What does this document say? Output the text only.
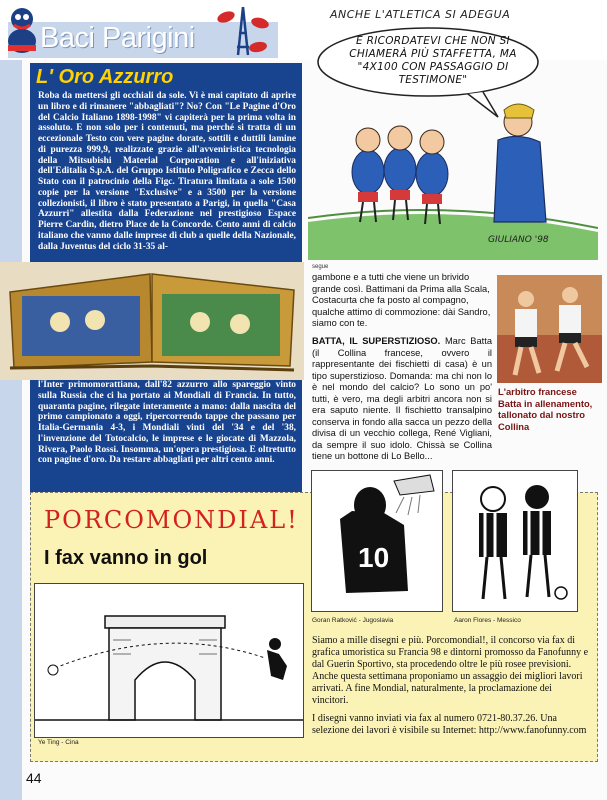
Baci Parigini
ANCHE L'ATLETICA SI ADEGUA
E RICORDATEVI CHE NON SI CHIAMERÀ PIÙ STAFFETTA, MA "4X100 CON PASSAGGIO DI TESTIMONE"
GIULIANO '98
L' Oro Azzurro

Roba da mettersi gli occhiali da sole. Vi è mai capitato di aprire un libro e di rimanere "abbagliati"? No? Con "Le Pagine d'Oro del Calcio Italiano 1898-1998" vi capiterà per la prima volta in assoluto. E non solo per i contenuti, ma perché si tratta di un eccezionale Testo con vere pagine dorate, sottili e duttili lamine di purezza 999,9, realizzate grazie all'avveniristica tecnologia della Mitsubishi Material Corporation e all'iniziativa dell'Editalia S.p.A. del Gruppo Istituto Poligrafico e Zecca dello Stato con il patrocinio della Figc. Tiratura limitata a sole 1500 copie per la versione "Exclusive" e a 3500 per la versione collezionisti, il libro è stato presentato a Parigi, in quella "Casa Azzurri" allestita dalla Federazione nel prestigioso Espace Pierre Cardin, dietro Place de la Concorde. Cento anni di calcio italiano che vanno dalle imprese di club a quelle della Nazionale, dalla Juventus del ciclo 31-35 al-

l'Inter primomorattiana, dall'82 azzurro allo spareggio vinto sulla Russia che ci ha portato ai Mondiali di Francia. In tutto, quaranta pagine, rilegate interamente a mano: dalla nascita del primo campionato a oggi, ripercorrendo tappe che passano per Italia-Germania 4-3, i Mondiali vinti del '34 e del '38, l'invenzione del Totocalcio, le imprese e le giocate di Mazzola, Rivera, Paolo Rossi. Insomma, un'opera prestigiosa. E oltretutto con pagine d'oro. Da restare abbagliati per altri cento anni.

segue

gambone e a tutti che viene un brivido grande così. Battimani da Prima alla Scala, Costacurta che fa posto al compagno, qualche attimo di commozione: dài Sandro, siamo con te.

BATTA, IL SUPERSTIZIOSO. Marc Batta (il Collina francese, ovvero il rappresentante dei fischietti di casa) è un tipo superstizioso. Domanda: ma chi non lo è nel mondo del calcio? Lo sono un po' tutti, è vero, ma degli arbitri ancora non si era saputo niente. Il fischietto transalpino conserva in fondo alla sacca un pezzo della divisa di un vecchio collega, René Vigliani, da sempre il suo idolo. Chissà se Collina tiene un bottone di Lo Bello...

L'arbitro francese Batta in allenamento, tallonato dal nostro Collina

10
Goran Ratković - Jugoslavia	Aaron Flores - Messico
PORCOMONDIAL!
I fax vanno in gol
Ye Ting - Cina

Siamo a mille disegni e più. Porcomondial!, il concorso via fax di grafica umoristica su Francia 98 e dintorni promosso da Fanofunny e dal Guerin Sportivo, sta procedendo oltre le più rosee previsioni. Anche questa settimana proponiamo un assaggio dei migliori lavori arrivati. A fine Mondial, naturalmente, la proclamazione dei vincitori.

I disegni vanno inviati via fax al numero 0721-80.37.26. Una selezione dei lavori è visibile su Internet: http://www.fanofunny.com

44
